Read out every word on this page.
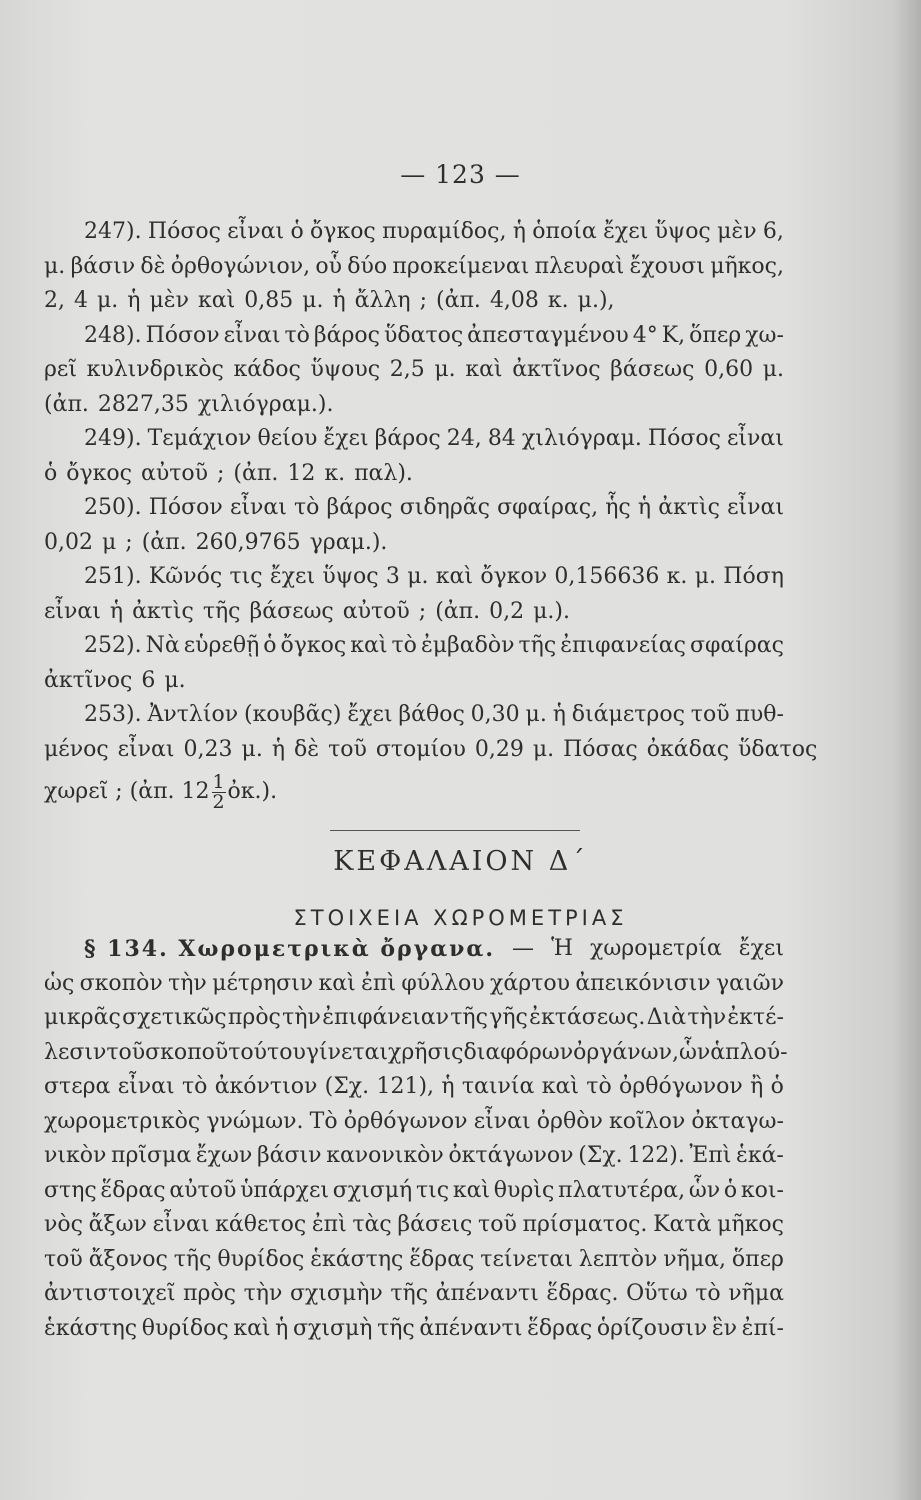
— 123 —
247). Πόσος εἶναι ὁ ὄγκος πυραμίδος, ἡ ὁποία ἔχει ὕψος μὲν 6,
μ. βάσιν δὲ ὀρθογώνιον, οὗ δύο προκείμεναι πλευραὶ ἔχουσι μῆκος,
2, 4 μ. ἡ μὲν καὶ 0,85 μ. ἡ ἄλλη ; (ἀπ. 4,08 κ. μ.),
248). Πόσον εἶναι τὸ βάρος ὕδατος ἀπεσταγμένου 4° Κ, ὅπερ χω-
ρεῖ κυλινδρικὸς κάδος ὕψους 2,5 μ. καὶ ἀκτῖνος βάσεως 0,60 μ.
(ἀπ. 2827,35 χιλιόγραμ.).
249). Τεμάχιον θείου ἔχει βάρος 24, 84 χιλιόγραμ. Πόσος εἶναι
ὁ ὄγκος αὐτοῦ ; (ἀπ. 12 κ. παλ).
250). Πόσον εἶναι τὸ βάρος σιδηρᾶς σφαίρας, ἧς ἡ ἀκτὶς εἶναι
0,02 μ ; (ἀπ. 260,9765 γραμ.).
251). Κῶνός τις ἔχει ὕψος 3 μ. καὶ ὄγκον 0,156636 κ. μ. Πόση
εἶναι ἡ ἀκτὶς τῆς βάσεως αὐτοῦ ; (ἀπ. 0,2 μ.).
252). Νὰ εὑρεθῇ ὁ ὄγκος καὶ τὸ ἐμβαδὸν τῆς ἐπιφανείας σφαίρας
ἀκτῖνος 6 μ.
253). Ἀντλίον (κουβᾶς) ἔχει βάθος 0,30 μ. ἡ διάμετρος τοῦ πυθ-
μένος εἶναι 0,23 μ. ἡ δὲ τοῦ στομίου 0,29 μ. Πόσας ὀκάδας ὕδατος
χωρεῖ ; (ἀπ. $12 \frac{1}{2}$ ὀκ.).
ΚΕΦΑΛΑΙΟΝ Δ΄
ΣΤΟΙΧΕΙΑ ΧΩΡΟΜΕΤΡΙΑΣ
§ 134. Χωρομετρικὰ ὄργανα. — Ἡ χωρομετρία ἔχει
ὡς σκοπὸν τὴν μέτρησιν καὶ ἐπὶ φύλλου χάρτου ἀπεικόνισιν γαιῶν
μικρᾶς σχετικῶς πρὸς τὴν ἐπιφάνειαν τῆς γῆς ἐκτάσεως. Διὰ τὴν ἐκτέ-
λεσιν τοῦ σκοποῦ τούτου γίνεται χρῆσις διαφόρων ὀργάνων, ὧν ἁπλού-
στερα εἶναι τὸ ἀκόντιον (Σχ. 121), ἡ ταινία καὶ τὸ ὀρθόγωνον ἢ ὁ
χωρομετρικὸς γνώμων. Τὸ ὀρθόγωνον εἶναι ὀρθὸν κοῖλον ὀκταγω-
νικὸν πρῖσμα ἔχων βάσιν κανονικὸν ὀκτάγωνον (Σχ. 122). Ἐπὶ ἑκά-
στης ἕδρας αὐτοῦ ὑπάρχει σχισμή τις καὶ θυρὶς πλατυτέρα, ὧν ὁ κοι-
νὸς ἄξων εἶναι κάθετος ἐπὶ τὰς βάσεις τοῦ πρίσματος. Κατὰ μῆκος
τοῦ ἄξονος τῆς θυρίδος ἑκάστης ἕδρας τείνεται λεπτὸν νῆμα, ὅπερ
ἀντιστοιχεῖ πρὸς τὴν σχισμὴν τῆς ἀπέναντι ἕδρας. Οὕτω τὸ νῆμα
ἑκάστης θυρίδος καὶ ἡ σχισμὴ τῆς ἀπέναντι ἕδρας ὁρίζουσιν ἓν ἐπί-
